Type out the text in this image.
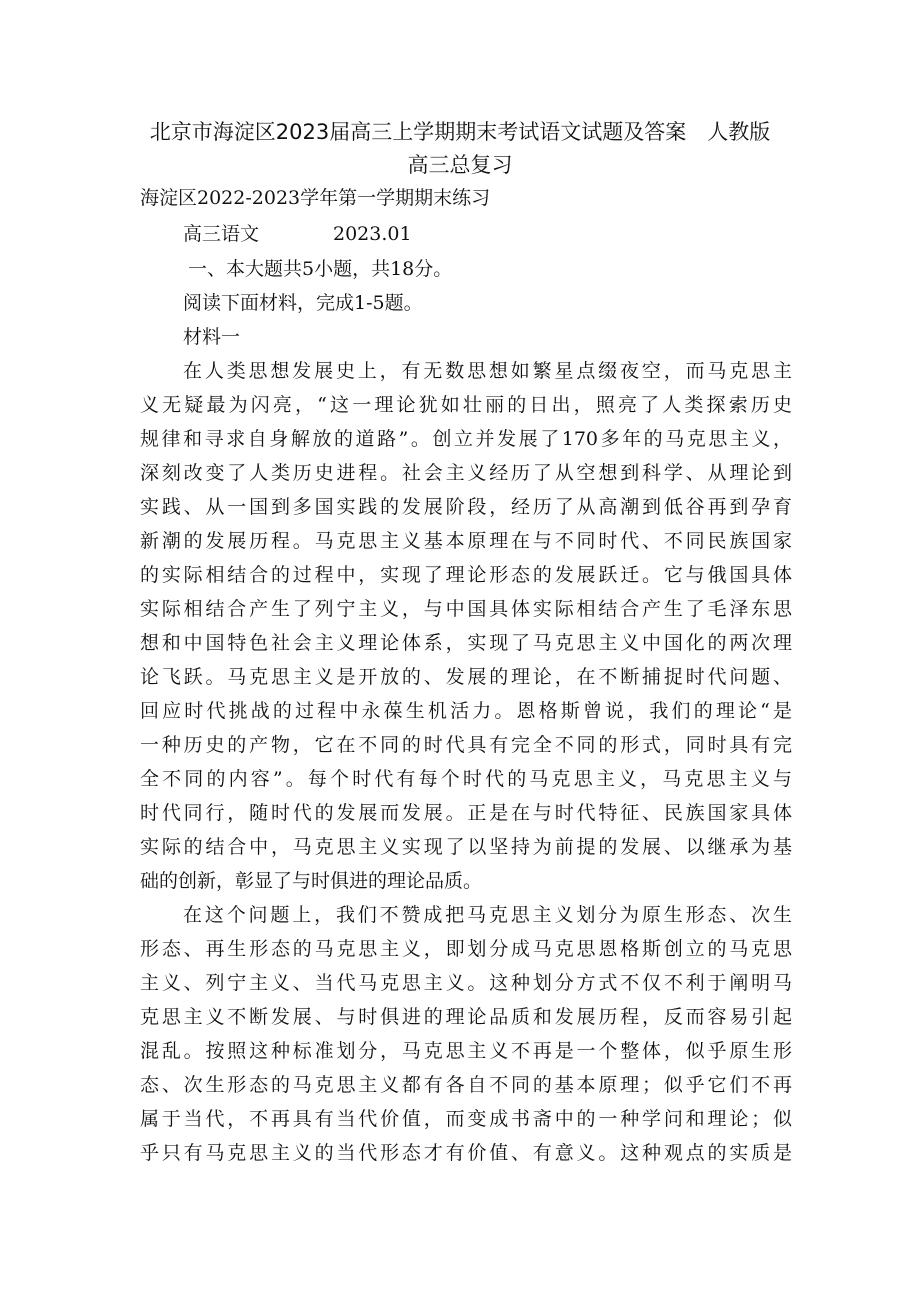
北京市海淀区2023届高三上学期期末考试语文试题及答案　人教版
高三总复习
海淀区2022-2023学年第一学期期末练习
高三语文	2023.01
一、本大题共5小题，共18分。
阅读下面材料，完成1-5题。
材料一
在人类思想发展史上，有无数思想如繁星点缀夜空，而马克思主
义无疑最为闪亮，“这一理论犹如壮丽的日出，照亮了人类探索历史
规律和寻求自身解放的道路”。创立并发展了170多年的马克思主义，
深刻改变了人类历史进程。社会主义经历了从空想到科学、从理论到
实践、从一国到多国实践的发展阶段，经历了从高潮到低谷再到孕育
新潮的发展历程。马克思主义基本原理在与不同时代、不同民族国家
的实际相结合的过程中，实现了理论形态的发展跃迁。它与俄国具体
实际相结合产生了列宁主义，与中国具体实际相结合产生了毛泽东思
想和中国特色社会主义理论体系，实现了马克思主义中国化的两次理
论飞跃。马克思主义是开放的、发展的理论，在不断捕捉时代问题、
回应时代挑战的过程中永葆生机活力。恩格斯曾说，我们的理论“是
一种历史的产物，它在不同的时代具有完全不同的形式，同时具有完
全不同的内容”。每个时代有每个时代的马克思主义，马克思主义与
时代同行，随时代的发展而发展。正是在与时代特征、民族国家具体
实际的结合中，马克思主义实现了以坚持为前提的发展、以继承为基
础的创新，彰显了与时俱进的理论品质。
在这个问题上，我们不赞成把马克思主义划分为原生形态、次生
形态、再生形态的马克思主义，即划分成马克思恩格斯创立的马克思
主义、列宁主义、当代马克思主义。这种划分方式不仅不利于阐明马
克思主义不断发展、与时俱进的理论品质和发展历程，反而容易引起
混乱。按照这种标准划分，马克思主义不再是一个整体，似乎原生形
态、次生形态的马克思主义都有各自不同的基本原理；似乎它们不再
属于当代，不再具有当代价值，而变成书斋中的一种学问和理论；似
乎只有马克思主义的当代形态才有价值、有意义。这种观点的实质是
